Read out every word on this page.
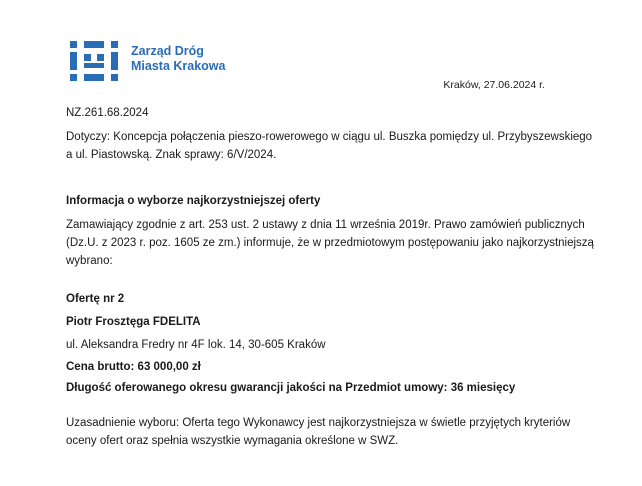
Zarząd Dróg
Miasta Krakowa
Kraków, 27.06.2024 r.

NZ.261.68.2024

Dotyczy: Koncepcja połączenia pieszo-rowerowego w ciągu ul. Buszka pomiędzy ul. Przybyszewskiego a ul. Piastowską. Znak sprawy: 6/V/2024.

Informacja o wyborze najkorzystniejszej oferty

Zamawiający zgodnie z art. 253 ust. 2 ustawy z dnia 11 września 2019r. Prawo zamówień publicznych (Dz.U. z 2023 r. poz. 1605 ze zm.) informuje, że w przedmiotowym postępowaniu jako najkorzystniejszą wybrano:

Ofertę nr 2

Piotr Frosztęga FDELITA

ul. Aleksandra Fredry nr 4F lok. 14, 30-605 Kraków

Cena brutto: 63 000,00 zł

Długość oferowanego okresu gwarancji jakości na Przedmiot umowy: 36 miesięcy

Uzasadnienie wyboru: Oferta tego Wykonawcy jest najkorzystniejsza w świetle przyjętych kryteriów oceny ofert oraz spełnia wszystkie wymagania określone w SWZ.
